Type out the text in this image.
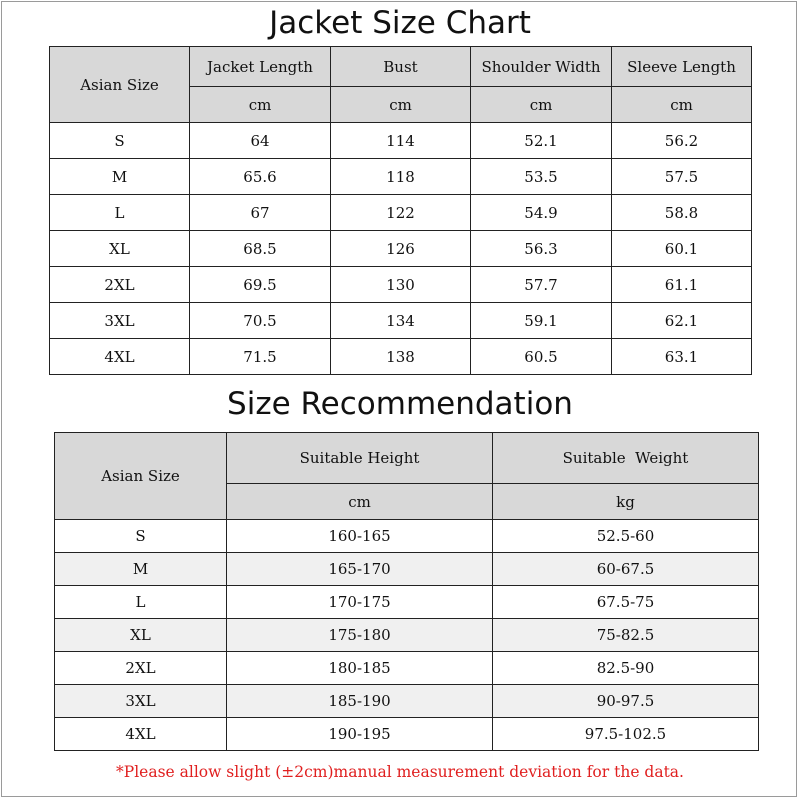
Jacket Size Chart
Asian Size	Jacket Length	Bust	Shoulder Width	Sleeve Length
	cm	cm	cm	cm
S	64	114	52.1	56.2
M	65.6	118	53.5	57.5
L	67	122	54.9	58.8
XL	68.5	126	56.3	60.1
2XL	69.5	130	57.7	61.1
3XL	70.5	134	59.1	62.1
4XL	71.5	138	60.5	63.1
Size Recommendation
Asian Size	Suitable Height	Suitable  Weight
	cm	kg
S	160-165	52.5-60
M	165-170	60-67.5
L	170-175	67.5-75
XL	175-180	75-82.5
2XL	180-185	82.5-90
3XL	185-190	90-97.5
4XL	190-195	97.5-102.5
*Please allow slight (±2cm)manual measurement deviation for the data.
